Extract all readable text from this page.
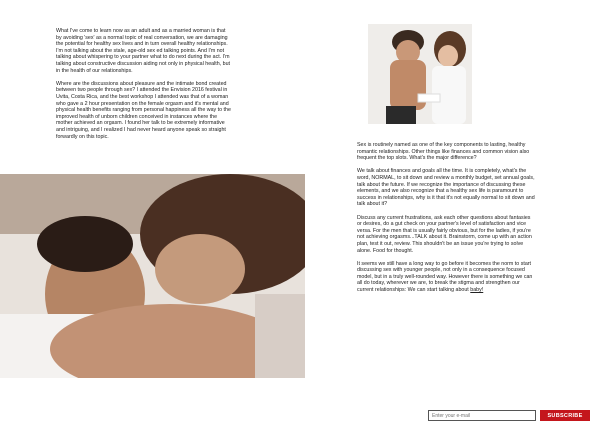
What I've come to learn now as an adult and as a married woman is that by avoiding 'sex' as a normal topic of real conversation, we are damaging the potential for healthy sex lives and in turn overall healthy relationships. I'm not talking about the stale, age-old sex ed talking points. And I'm not talking about whispering to your partner what to do next during the act. I'm talking about constructive discussion aiding not only in physical health, but in the health of our relationships.

Where are the discussions about pleasure and the intimate bond created between two people through sex? I attended the Envision 2016 festival in Uvita, Costa Rica, and the best workshop I attended was that of a woman who gave a 2 hour presentation on the female orgasm and it's mental and physical health benefits ranging from personal happiness all the way to the improved health of unborn children conceived in instances where the mother achieved an orgasm. I found her talk to be extremely informative and intriguing, and I realized I had never heard anyone speak so straight forwardly on this topic.

Sex is routinely named as one of the key components to lasting, healthy romantic relationships. Other things like finances and common vision also frequent the top slots. What's the major difference?

We talk about finances and goals all the time. It is completely, what's the word, NORMAL, to sit down and review a monthly budget, set annual goals, talk about the future. If we recognize the importance of discussing these elements, and we also recognize that a healthy sex life is paramount to success in relationships, why is it that it's not equally normal to sit down and talk about it?

Discuss any current frustrations, ask each other questions about fantasies or desires, do a gut check on your partner's level of satisfaction and vice versa. For the men that is usually fairly obvious, but for the ladies, if you're not achieving orgasms...TALK about it. Brainstorm, come up with an action plan, test it out, review. This shouldn't be an issue you're trying to solve alone. Food for thought.

It seems we still have a long way to go before it becomes the norm to start discussing sex with younger people, not only in a consequence focused model, but in a truly well-rounded way. However there is something we can all do today, wherever we are, to break the stigma and strengthen our current relationships: We can start talking about baby!

Enter your e-mail
SUBSCRIBE
